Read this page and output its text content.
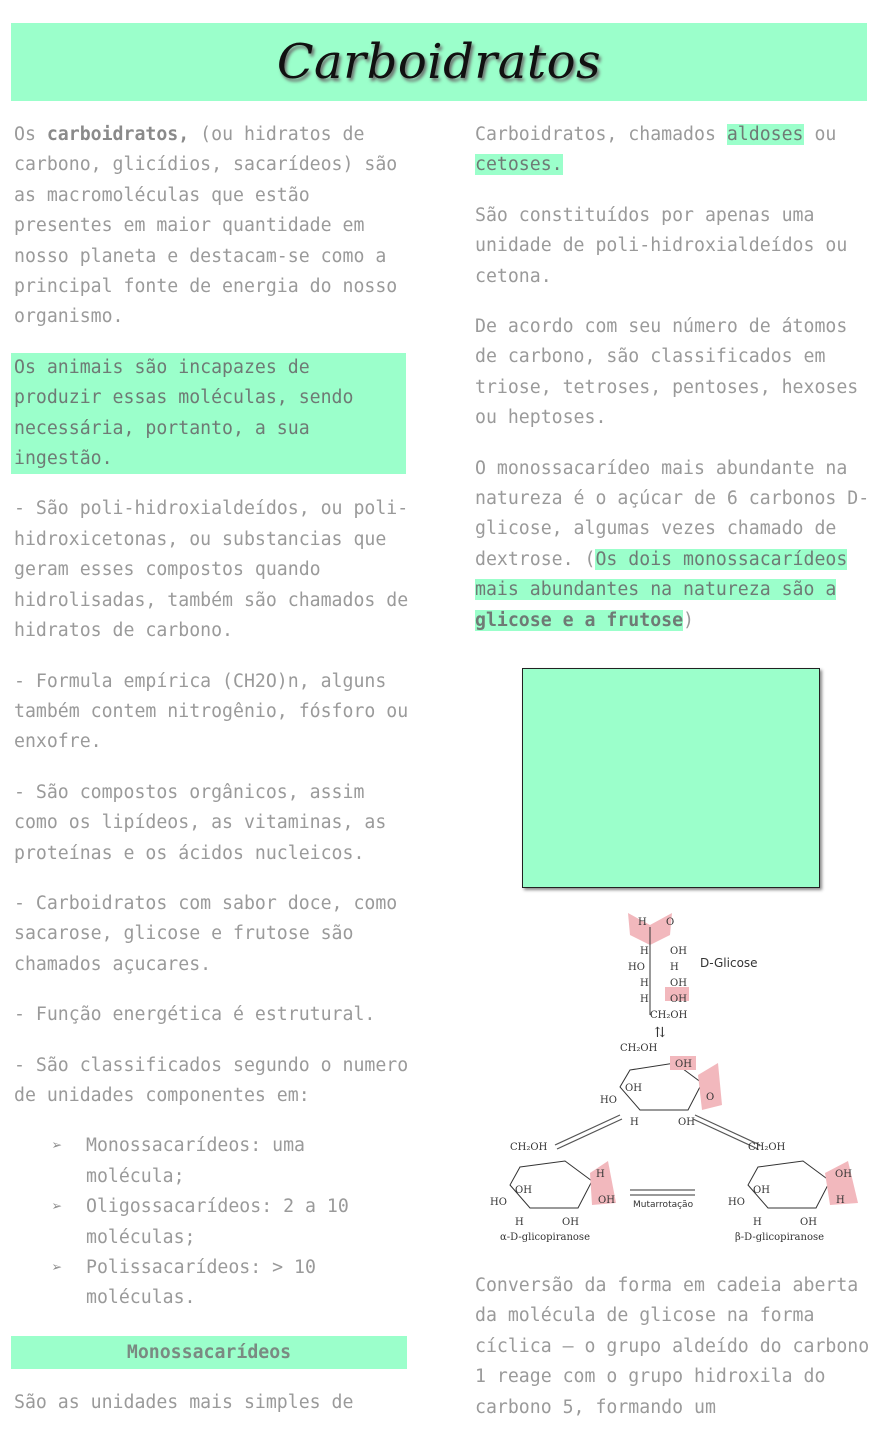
Carboidratos

Os carboidratos, (ou hidratos de carbono, glicídios, sacarídeos) são as macromoléculas que estão presentes em maior quantidade em nosso planeta e destacam-se como a principal fonte de energia do nosso organismo.

Os animais são incapazes de produzir essas moléculas, sendo necessária, portanto, a sua ingestão.

- São poli-hidroxialdeídos, ou poli-hidroxicetonas, ou substancias que geram esses compostos quando hidrolisadas, também são chamados de hidratos de carbono.

- Formula empírica (CH2O)n, alguns também contem nitrogênio, fósforo ou enxofre.

- São compostos orgânicos, assim como os lipídeos, as vitaminas, as proteínas e os ácidos nucleicos.

- Carboidratos com sabor doce, como sacarose, glicose e frutose são chamados açucares.

- Função energética é estrutural.

- São classificados segundo o numero de unidades componentes em:

➢ Monossacarídeos: uma molécula;
➢ Oligossacarídeos: 2 a 10 moléculas;
➢ Polissacarídeos: > 10 moléculas.
Monossacarídeos
São as unidades mais simples de

Carboidratos, chamados aldoses ou cetoses.

São constituídos por apenas uma unidade de poli-hidroxialdeídos ou cetona.

De acordo com seu número de átomos de carbono, são classificados em triose, tetroses, pentoses, hexoses ou heptoses.

O monossacarídeo mais abundante na natureza é o açúcar de 6 carbonos D-glicose, algumas vezes chamado de dextrose. (Os dois monossacarídeos mais abundantes na natureza são a glicose e a frutose)

H O
H OH
HO	H
H OH
H OH
CH₂OH
D-Glicose
⇅
CH₂OH
OH
HO
OH
H	OH
O
CH₂OH
H
OH
HO
OH
H	OH
α-D-glicopiranose
Mutarrotação
CH₂OH
OH
H
HO
OH
H	OH
β-D-glicopiranose
Conversão da forma em cadeia aberta da molécula de glicose na forma cíclica – o grupo aldeído do carbono 1 reage com o grupo hidroxila do carbono 5, formando um
